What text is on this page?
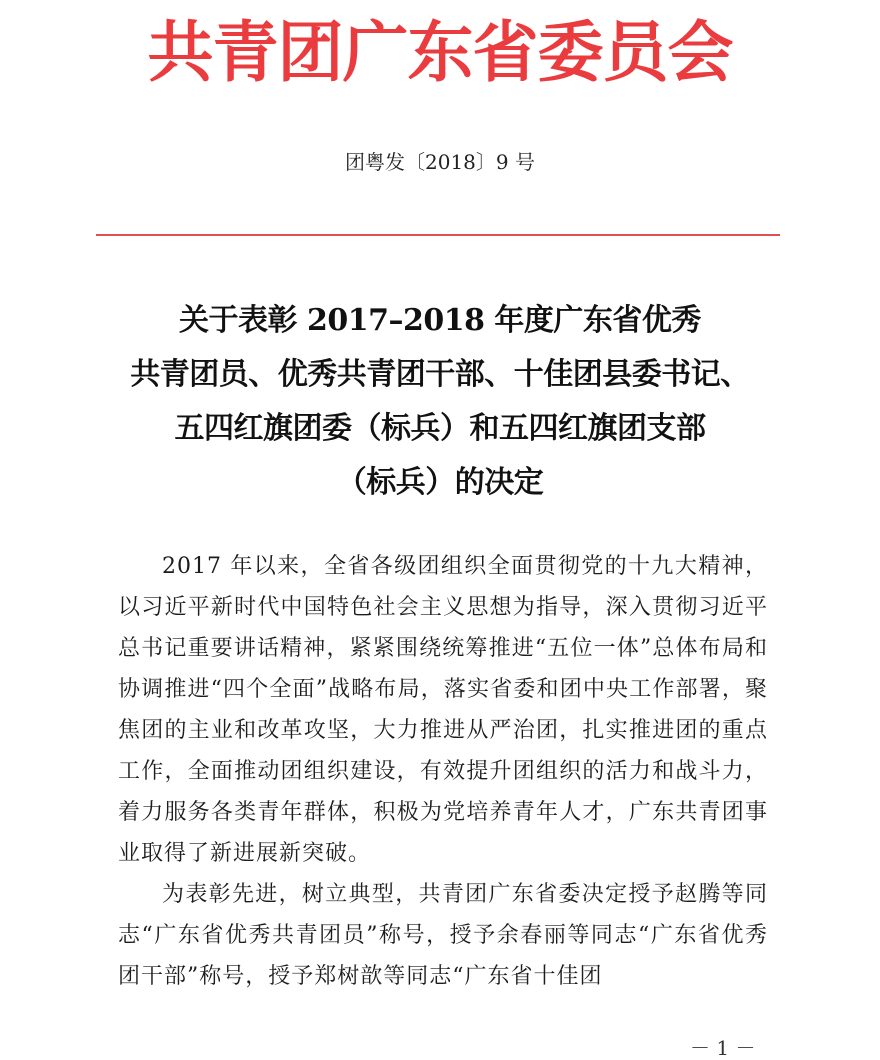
共青团广东省委员会
团粤发〔2018〕9 号
关于表彰 2017–2018 年度广东省优秀
共青团员、优秀共青团干部、十佳团县委书记、
五四红旗团委（标兵）和五四红旗团支部
（标兵）的决定

2017 年以来，全省各级团组织全面贯彻党的十九大精神，以习近平新时代中国特色社会主义思想为指导，深入贯彻习近平总书记重要讲话精神，紧紧围绕统筹推进“五位一体”总体布局和协调推进“四个全面”战略布局，落实省委和团中央工作部署，聚焦团的主业和改革攻坚，大力推进从严治团，扎实推进团的重点工作，全面推动团组织建设，有效提升团组织的活力和战斗力，着力服务各类青年群体，积极为党培养青年人才，广东共青团事业取得了新进展新突破。

为表彰先进，树立典型，共青团广东省委决定授予赵腾等同志“广东省优秀共青团员”称号，授予余春丽等同志“广东省优秀团干部”称号，授予郑树歆等同志“广东省十佳团

－ 1 －
